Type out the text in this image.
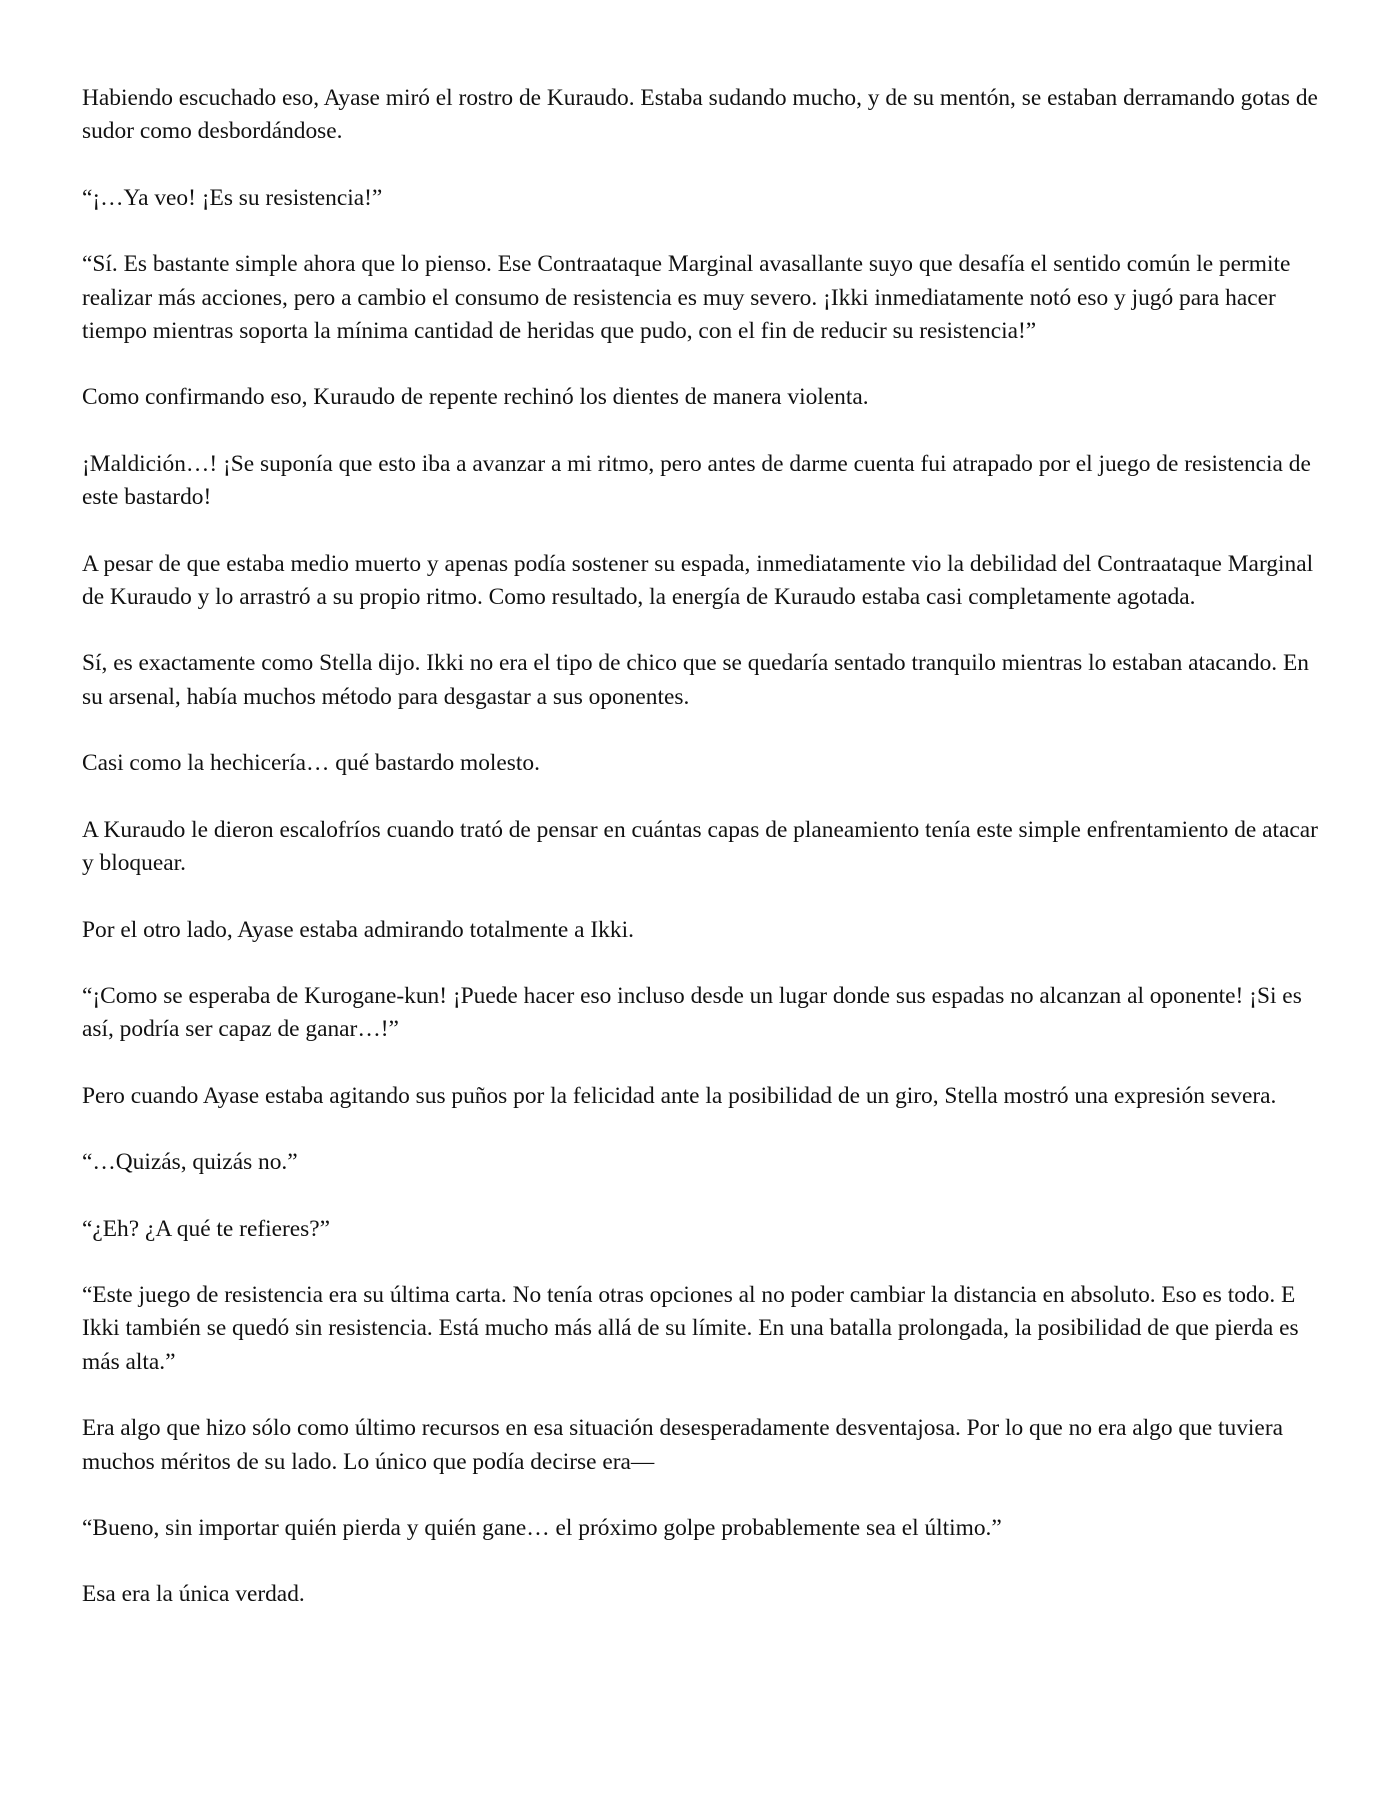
Habiendo escuchado eso, Ayase miró el rostro de Kuraudo. Estaba sudando mucho, y de su mentón, se estaban derramando gotas de sudor como desbordándose.

“¡…Ya veo! ¡Es su resistencia!”

“Sí. Es bastante simple ahora que lo pienso. Ese Contraataque Marginal avasallante suyo que desafía el sentido común le permite realizar más acciones, pero a cambio el consumo de resistencia es muy severo. ¡Ikki inmediatamente notó eso y jugó para hacer tiempo mientras soporta la mínima cantidad de heridas que pudo, con el fin de reducir su resistencia!”

Como confirmando eso, Kuraudo de repente rechinó los dientes de manera violenta.

¡Maldición…! ¡Se suponía que esto iba a avanzar a mi ritmo, pero antes de darme cuenta fui atrapado por el juego de resistencia de este bastardo!

A pesar de que estaba medio muerto y apenas podía sostener su espada, inmediatamente vio la debilidad del Contraataque Marginal de Kuraudo y lo arrastró a su propio ritmo. Como resultado, la energía de Kuraudo estaba casi completamente agotada.

Sí, es exactamente como Stella dijo. Ikki no era el tipo de chico que se quedaría sentado tranquilo mientras lo estaban atacando. En su arsenal, había muchos método para desgastar a sus oponentes.

Casi como la hechicería… qué bastardo molesto.

A Kuraudo le dieron escalofríos cuando trató de pensar en cuántas capas de planeamiento tenía este simple enfrentamiento de atacar y bloquear.

Por el otro lado, Ayase estaba admirando totalmente a Ikki.

“¡Como se esperaba de Kurogane-kun! ¡Puede hacer eso incluso desde un lugar donde sus espadas no alcanzan al oponente! ¡Si es así, podría ser capaz de ganar…!”

Pero cuando Ayase estaba agitando sus puños por la felicidad ante la posibilidad de un giro, Stella mostró una expresión severa.

“…Quizás, quizás no.”

“¿Eh? ¿A qué te refieres?”

“Este juego de resistencia era su última carta. No tenía otras opciones al no poder cambiar la distancia en absoluto. Eso es todo. E Ikki también se quedó sin resistencia. Está mucho más allá de su límite. En una batalla prolongada, la posibilidad de que pierda es más alta.”

Era algo que hizo sólo como último recursos en esa situación desesperadamente desventajosa. Por lo que no era algo que tuviera muchos méritos de su lado. Lo único que podía decirse era—

“Bueno, sin importar quién pierda y quién gane… el próximo golpe probablemente sea el último.”

Esa era la única verdad.
